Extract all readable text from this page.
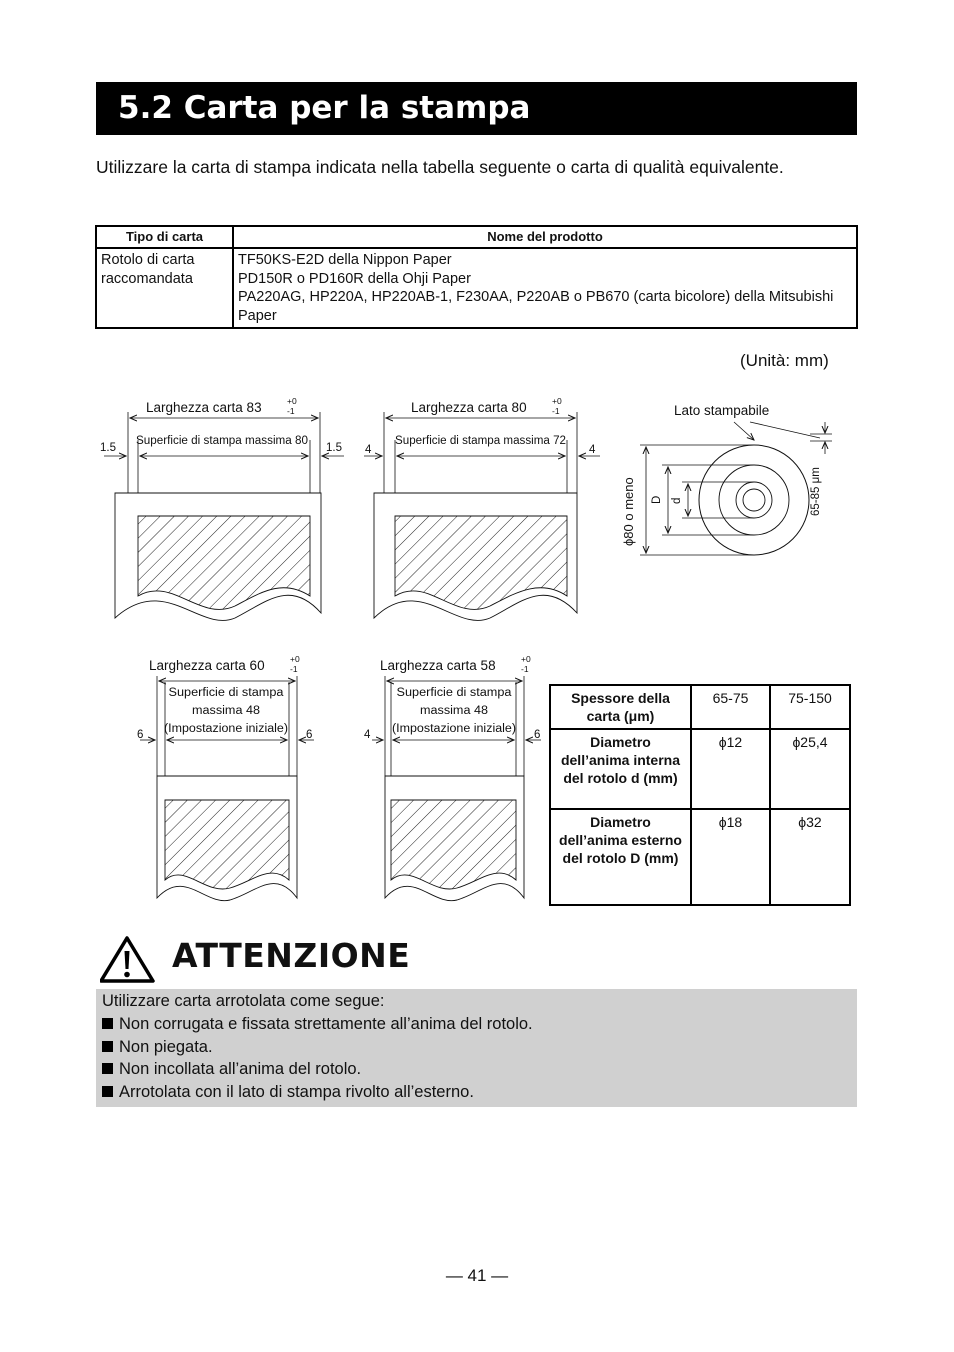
5.2 Carta per la stampa
Utilizzare la carta di stampa indicata nella tabella seguente o carta di qualità equivalente.
Tipo di carta	Nome del prodotto
Rotolo di carta raccomandata	TF50KS-E2D della Nippon Paper
PD150R o PD160R della Ohji Paper
PA220AG, HP220A, HP220AB-1, F230AA, P220AB o PB670 (carta bicolore) della Mitsubishi Paper
(Unità: mm)
Larghezza carta 83	+0
-1
1.5	1.5
Superficie di stampa massima 80
Larghezza carta 80	+0
-1
4	4
Superficie di stampa massima 72
Lato stampabile
ϕ80 o meno D d	65-85 μm
Larghezza carta 60	+0
-1
6	6
Superficie di stampa
massima 48
(Impostazione iniziale)
Larghezza carta 58	+0
-1
4	6
Superficie di stampa
massima 48
(Impostazione iniziale)
Spessore della carta (μm)	65-75	75-150
Diametro dell’anima interna del rotolo d (mm)	ϕ12	ϕ25,4
Diametro dell’anima esterno del rotolo D (mm)	ϕ18	ϕ32
ATTENZIONE
Utilizzare carta arrotolata come segue:
Non corrugata e fissata strettamente all’anima del rotolo.
Non piegata.
Non incollata all’anima del rotolo.
Arrotolata con il lato di stampa rivolto all’esterno.
— 41 —
